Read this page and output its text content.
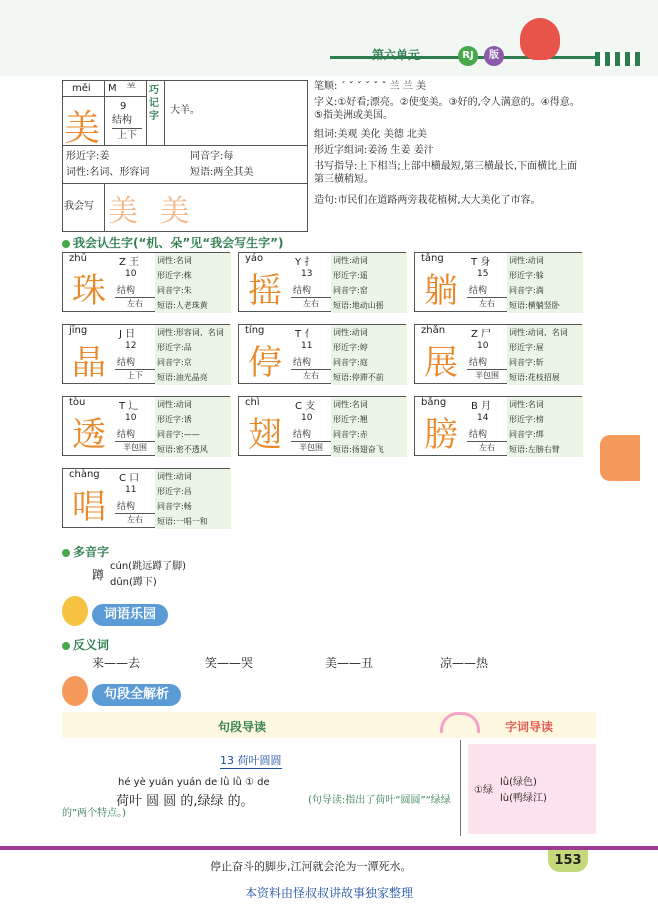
第六单元	RJ	版
měi M ⺷
美
9
结构
上下
巧记字
大羊。
形近字:姜	同音字:每
词性:名词、形容词	短语:两全其美
我会写 美 美
笔顺: ˊ ˇ ˇ ˇ ˇ ˇ 兰 兰 美
字义:①好看;漂亮。②使变美。③好的,令人满意的。④得意。⑤指美洲或美国。
组词:美观 美化 美德 北美
形近字组词:姜汤 生姜 姜汁
书写指导:上下相当;上部中横最短,第三横最长,下面横比上面第三横稍短。
造句:市民们在道路两旁栽花植树,大大美化了市容。
我会认生字(“机、朵”见“我会写生字”)
zhū	Z 王
珠	10
结构
左右
词性:名词
形近字:株
同音字:朱
短语:人老珠黄
yáo	Y 扌
摇	13
结构
左右
词性:动词
形近字:遥
同音字:窑
短语:地动山摇
tǎng	T 身
躺	15
结构
左右
词性:动词
形近字:躲
同音字:淌
短语:横躺竖卧
jīng	J 日
晶	12
结构
上下
词性:形容词、名词
形近字:品
同音字:京
短语:油光晶亮
tíng	T 亻
停	11
结构
左右
词性:动词
形近字:婷
同音字:庭
短语:停滞不前
zhǎn	Z 尸
展	10
结构
半包围
词性:动词、名词
形近字:屉
同音字:斩
短语:花枝招展
tòu	T 辶
透	10
结构
半包围
词性:动词
形近字:诱
同音字:——
短语:密不透风
chì	C 支
翅	10
结构
半包围
词性:名词
形近字:翘
同音字:赤
短语:扬翅奋飞
bǎng B 月
膀	14
结构
左右
词性:名词
形近字:榜
同音字:绑
短语:左膀右臂
chàng C 口
唱	11
结构
左右
词性:动词
形近字:昌
同音字:畅
短语:一唱一和
多音字
蹲
cún(跳远蹲了脚)
dūn(蹲下)
词语乐园
反义词
来——去	笑——哭	美——丑	凉——热
句段全解析
句段导读	字词导读
13 荷叶圆圆
hé yè yuán yuán de lǜ lǜ ① de
荷叶 圆 圆 的,绿绿 的。	(句导读:指出了荷叶“圆圆”“绿绿的”两个特点。)
①绿
lǜ(绿色)
lù(鸭绿江)
停止奋斗的脚步,江河就会沦为一潭死水。	153
本资料由怪叔叔讲故事独家整理
